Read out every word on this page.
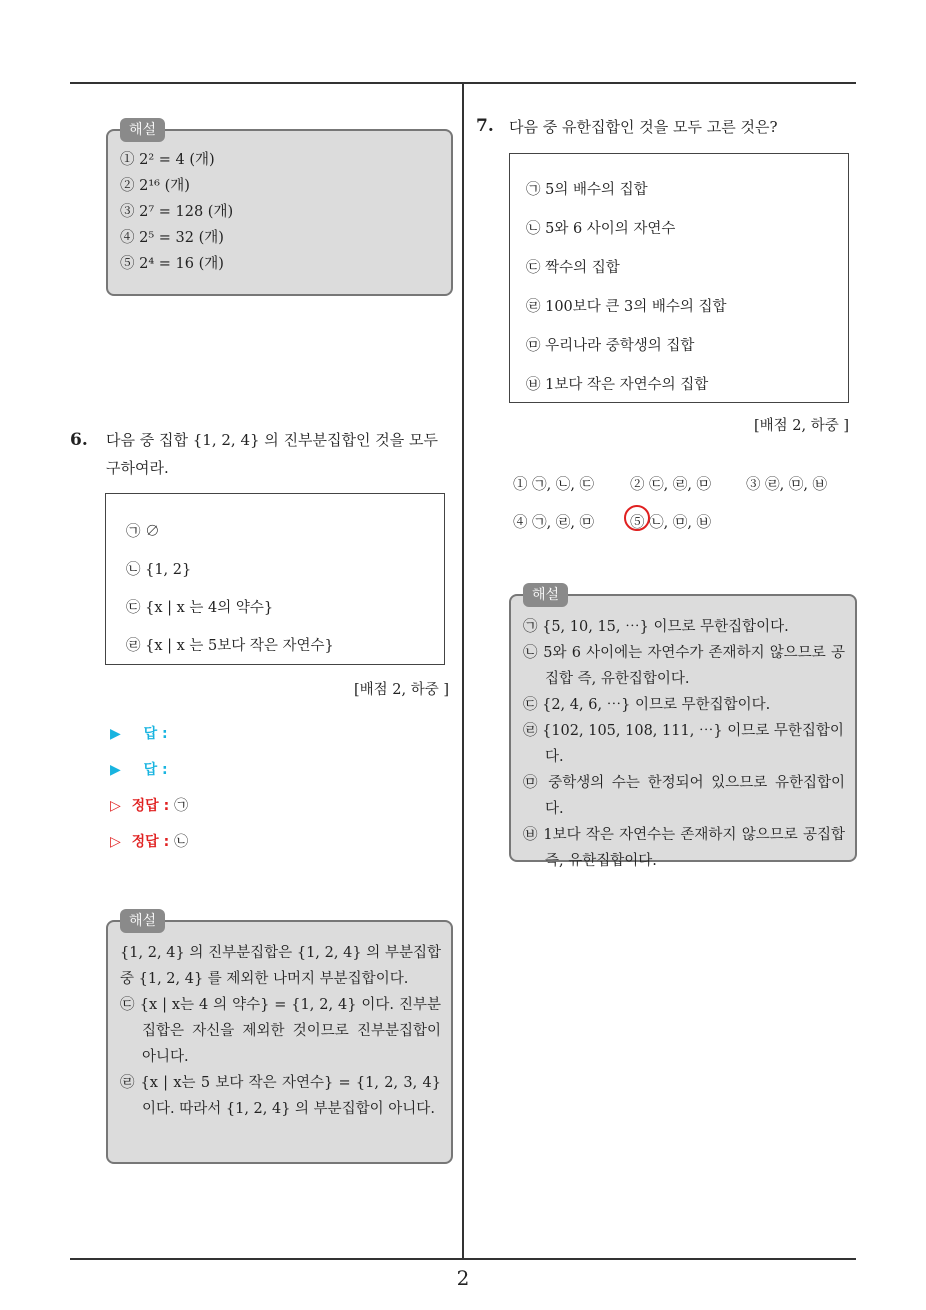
해설
① 2² = 4 (개)
② 2¹⁶ (개)
③ 2⁷ = 128 (개)
④ 2⁵ = 32 (개)
⑤ 2⁴ = 16 (개)
6. 다음 중 집합 {1, 2, 4} 의 진부분집합인 것을 모두 구하여라.
㉠ ∅
㉡ {1, 2}
㉢ {x | x 는 4의 약수}
㉣ {x | x 는 5보다 작은 자연수}
[배점 2, 하중 ]
▶ 답 :
▶ 답 :
▷ 정답 : ㉠
▷ 정답 : ㉡
해설
{1, 2, 4} 의 진부분집합은 {1, 2, 4} 의 부분집합 중 {1, 2, 4} 를 제외한 나머지 부분집합이다.
㉢ {x | x는 4 의 약수} = {1, 2, 4} 이다. 진부분집합은 자신을 제외한 것이므로 진부분집합이 아니다.
㉣ {x | x는 5 보다 작은 자연수} = {1, 2, 3, 4} 이다. 따라서 {1, 2, 4} 의 부분집합이 아니다.
7. 다음 중 유한집합인 것을 모두 고른 것은?
㉠ 5의 배수의 집합
㉡ 5와 6 사이의 자연수
㉢ 짝수의 집합
㉣ 100보다 큰 3의 배수의 집합
㉤ 우리나라 중학생의 집합
㉥ 1보다 작은 자연수의 집합
[배점 2, 하중 ]
① ㉠, ㉡, ㉢ ② ㉢, ㉣, ㉤ ③ ㉣, ㉤, ㉥
④ ㉠, ㉣, ㉤ ⑤ ㉡, ㉤, ㉥
해설
㉠ {5, 10, 15, ⋯} 이므로 무한집합이다.
㉡ 5와 6 사이에는 자연수가 존재하지 않으므로 공집합 즉, 유한집합이다.
㉢ {2, 4, 6, ⋯} 이므로 무한집합이다.
㉣ {102, 105, 108, 111, ⋯} 이므로 무한집합이다.
㉤ 중학생의 수는 한정되어 있으므로 유한집합이다.
㉥ 1보다 작은 자연수는 존재하지 않으므로 공집합 즉, 유한집합이다.
2
